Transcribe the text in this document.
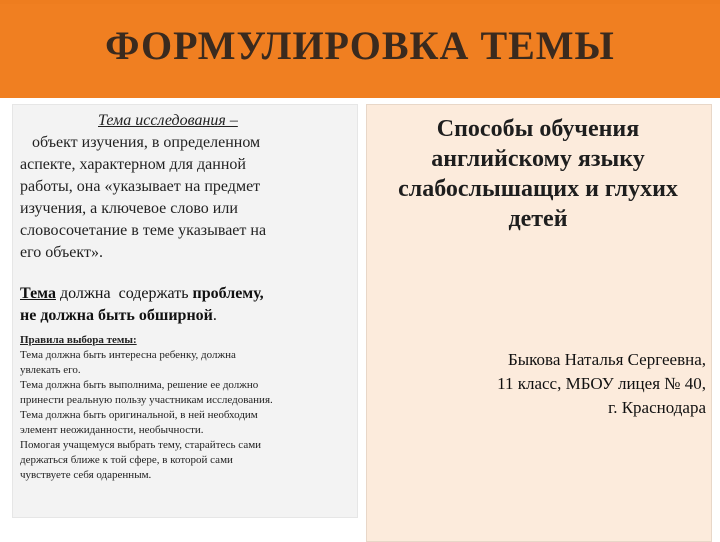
ФОРМУЛИРОВКА ТЕМЫ
Тема исследования –
объект изучения, в определенном
аспекте, характерном для данной
работы, она «указывает на предмет
изучения, а ключевое слово или
словосочетание в теме указывает на
его объект».
Тема должна  содержать проблему,
не должна быть обширной.
Правила выбора темы:
Тема должна быть интересна ребенку, должна
увлекать его.
Тема должна быть выполнима, решение ее должно
принести реальную пользу участникам исследования.
Тема должна быть оригинальной, в ней необходим
элемент неожиданности, необычности.
Помогая учащемуся выбрать тему, старайтесь сами
держаться ближе к той сфере, в которой сами
чувствуете себя одаренным.
Способы обучения
английскому языку
слабослышащих и глухих
детей
Быкова Наталья Сергеевна,
11 класс, МБОУ лицея № 40,
г. Краснодара
